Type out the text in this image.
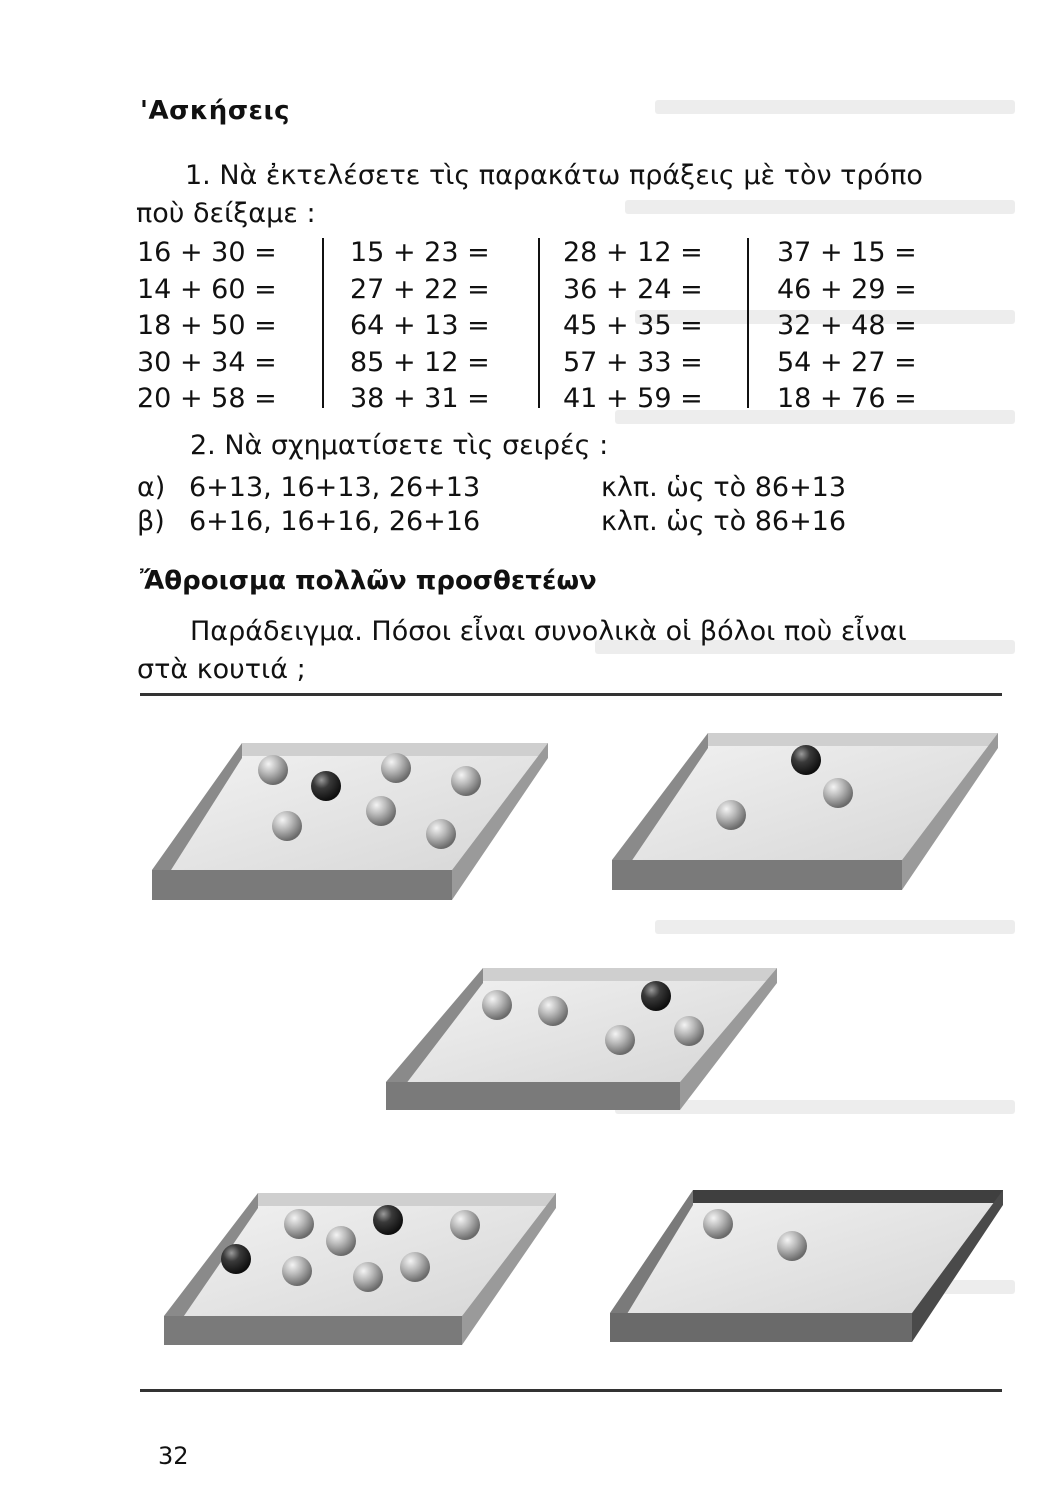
'Ασκήσεις
1. Νὰ ἐκτελέσετε τὶς παρακάτω πράξεις μὲ τὸν τρόπο
ποὺ δείξαμε :
16 + 30 =
14 + 60 =
18 + 50 =
30 + 34 =
20 + 58 =
15 + 23 =
27 + 22 =
64 + 13 =
85 + 12 =
38 + 31 =
28 + 12 =
36 + 24 =
45 + 35 =
57 + 33 =
41 + 59 =
37 + 15 =
46 + 29 =
32 + 48 =
54 + 27 =
18 + 76 =
2. Νὰ σχηματίσετε τὶς σειρές :
α) 6+13, 16+13, 26+13	κλπ. ὡς τὸ 86+13
β) 6+16, 16+16, 26+16	κλπ. ὡς τὸ 86+16
Ἄθροισμα πολλῶν προσθετέων
Παράδειγμα. Πόσοι εἶναι συνολικὰ οἱ βόλοι ποὺ εἶναι
στὰ κουτιά ;
32
